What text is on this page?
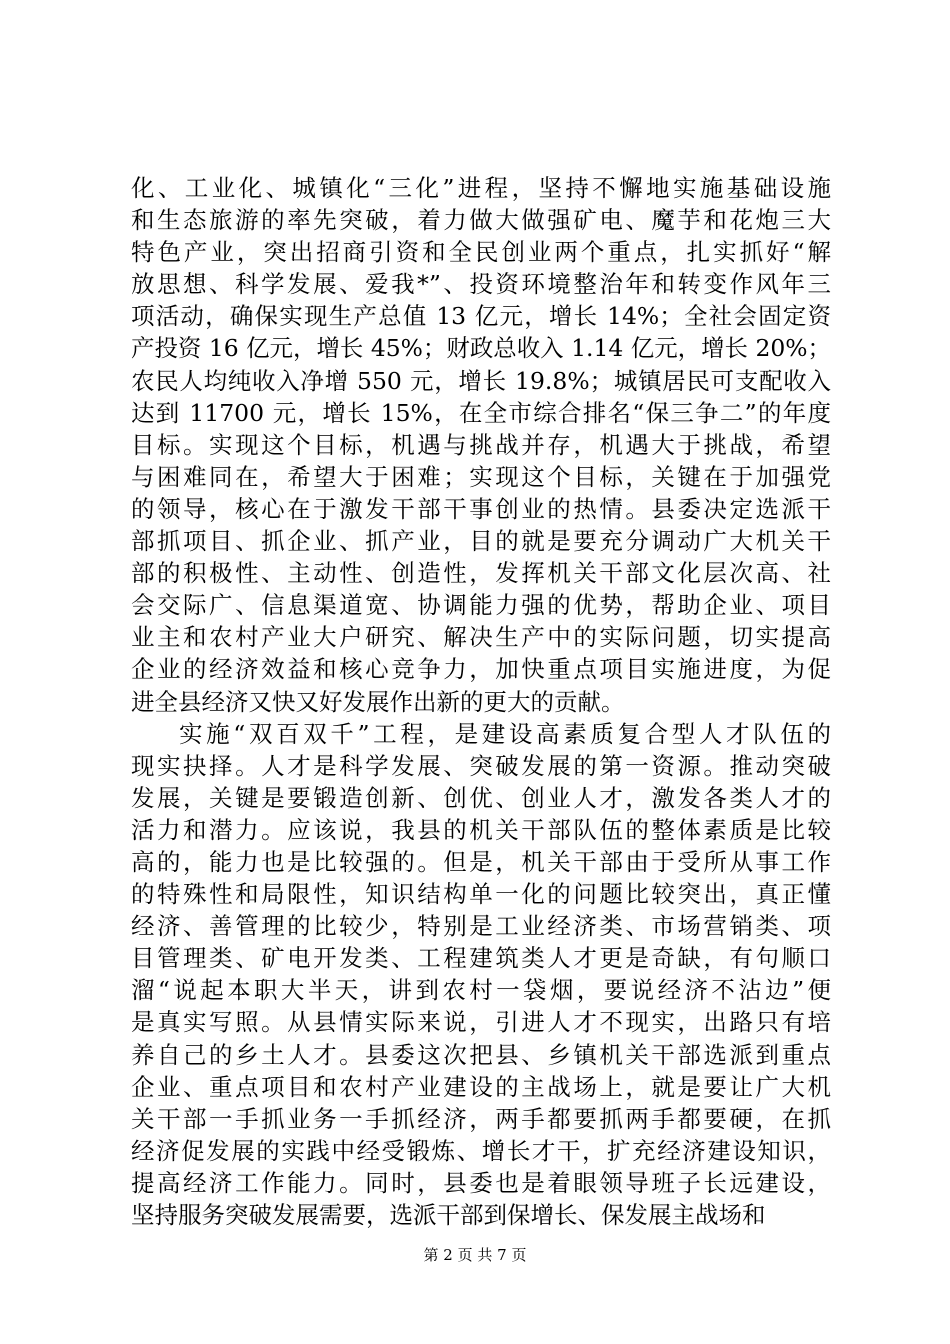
化、工业化、城镇化“三化”进程，坚持不懈地实施基础设施
和生态旅游的率先突破，着力做大做强矿电、魔芋和花炮三大
特色产业，突出招商引资和全民创业两个重点，扎实抓好“解
放思想、科学发展、爱我*”、投资环境整治年和转变作风年三
项活动，确保实现生产总值 13 亿元，增长 14%；全社会固定资
产投资 16 亿元，增长 45%；财政总收入 1.14 亿元，增长 20%；
农民人均纯收入净增 550 元，增长 19.8%；城镇居民可支配收入
达到 11700 元，增长 15%，在全市综合排名“保三争二”的年度
目标。实现这个目标，机遇与挑战并存，机遇大于挑战，希望
与困难同在，希望大于困难；实现这个目标，关键在于加强党
的领导，核心在于激发干部干事创业的热情。县委决定选派干
部抓项目、抓企业、抓产业，目的就是要充分调动广大机关干
部的积极性、主动性、创造性，发挥机关干部文化层次高、社
会交际广、信息渠道宽、协调能力强的优势，帮助企业、项目
业主和农村产业大户研究、解决生产中的实际问题，切实提高
企业的经济效益和核心竞争力，加快重点项目实施进度，为促
进全县经济又快又好发展作出新的更大的贡献。
实施“双百双千”工程，是建设高素质复合型人才队伍的
现实抉择。人才是科学发展、突破发展的第一资源。推动突破
发展，关键是要锻造创新、创优、创业人才，激发各类人才的
活力和潜力。应该说，我县的机关干部队伍的整体素质是比较
高的，能力也是比较强的。但是，机关干部由于受所从事工作
的特殊性和局限性，知识结构单一化的问题比较突出，真正懂
经济、善管理的比较少，特别是工业经济类、市场营销类、项
目管理类、矿电开发类、工程建筑类人才更是奇缺，有句顺口
溜“说起本职大半天，讲到农村一袋烟，要说经济不沾边”便
是真实写照。从县情实际来说，引进人才不现实，出路只有培
养自己的乡土人才。县委这次把县、乡镇机关干部选派到重点
企业、重点项目和农村产业建设的主战场上，就是要让广大机
关干部一手抓业务一手抓经济，两手都要抓两手都要硬，在抓
经济促发展的实践中经受锻炼、增长才干，扩充经济建设知识，
提高经济工作能力。同时，县委也是着眼领导班子长远建设，
坚持服务突破发展需要，选派干部到保增长、保发展主战场和
第 2 页 共 7 页
